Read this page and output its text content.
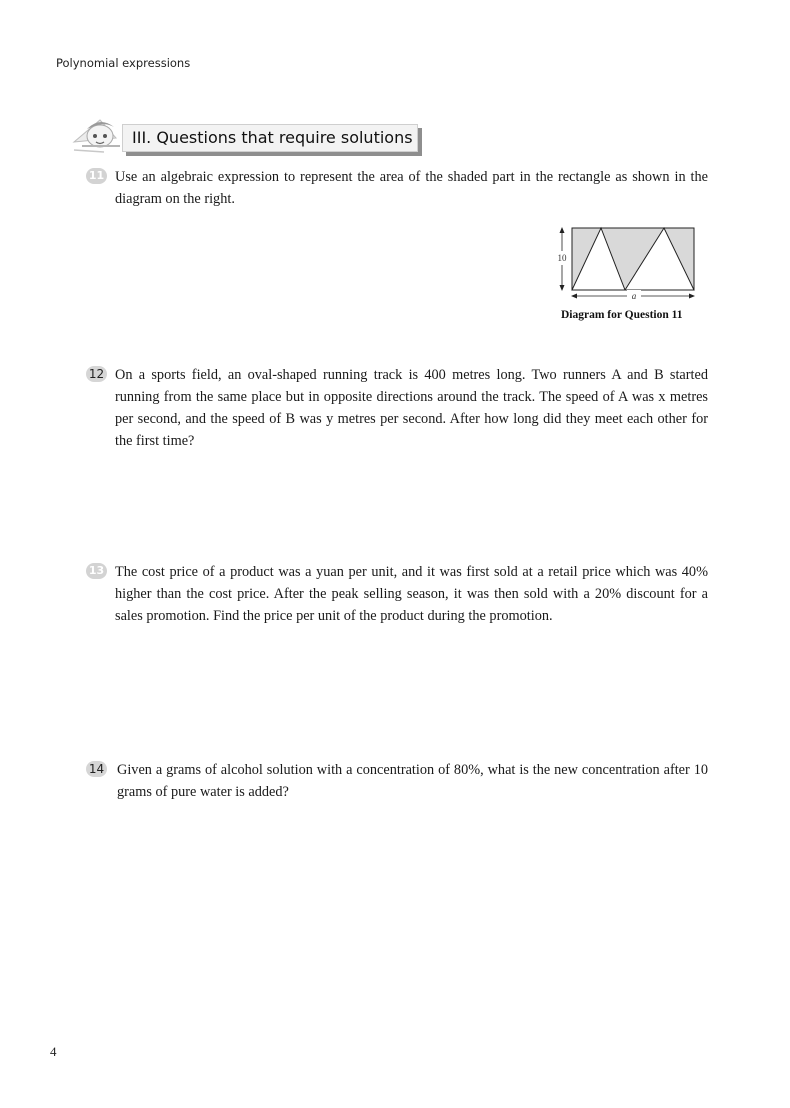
Polynomial expressions
III. Questions that require solutions
11 Use an algebraic expression to represent the area of the shaded part in the rectangle as shown in the diagram on the right.
10
a
Diagram for Question 11
12 On a sports field, an oval-shaped running track is 400 metres long. Two runners A and B started running from the same place but in opposite directions around the track. The speed of A was x metres per second, and the speed of B was y metres per second. After how long did they meet each other for the first time?
13 The cost price of a product was a yuan per unit, and it was first sold at a retail price which was 40% higher than the cost price. After the peak selling season, it was then sold with a 20% discount for a sales promotion. Find the price per unit of the product during the promotion.
14 Given a grams of alcohol solution with a concentration of 80%, what is the new concentration after 10 grams of pure water is added?
4
